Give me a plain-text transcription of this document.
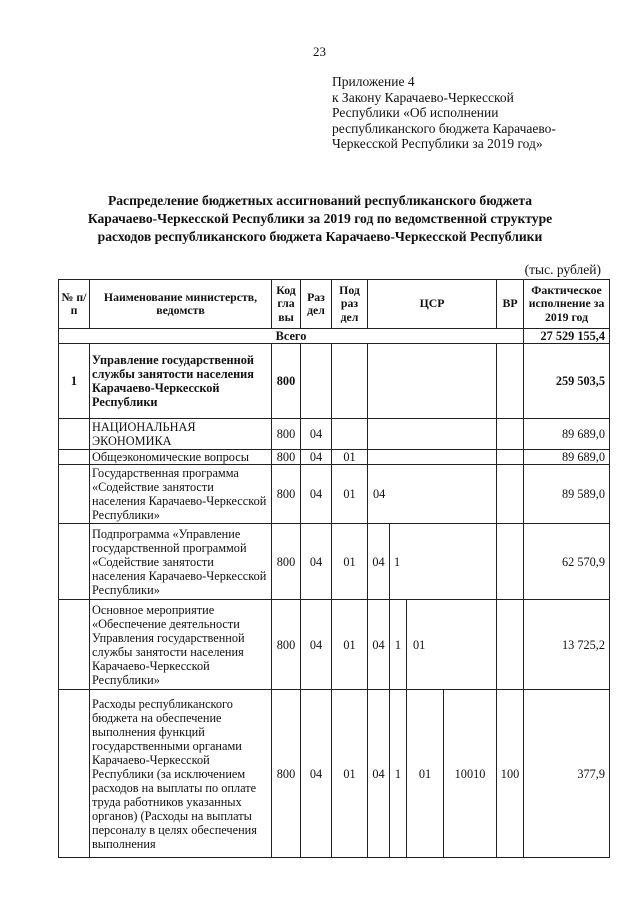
23
Приложение 4
к Закону Карачаево-Черкесской
Республики «Об исполнении
республиканского бюджета Карачаево-
Черкесской Республики за 2019 год»
Распределение бюджетных ассигнований республиканского бюджета
Карачаево-Черкесской Республики за 2019 год по ведомственной структуре
расходов республиканского бюджета Карачаево-Черкесской Республики
(тыс. рублей)
№ п/п	Наименование министерств, ведомств	Код гла вы	Раз дел	Под раз дел	ЦСР				ВР	Фактическое исполнение за 2019 год
Всего										27 529 155,4
1	Управление государственной службы занятости населения Карачаево-Черкесской Республики	800								259 503,5
	НАЦИОНАЛЬНАЯ ЭКОНОМИКА	800	04							89 689,0
	Общеэкономические вопросы	800	04	01						89 689,0
	Государственная программа «Содействие занятости населения Карачаево-Черкесской Республики»	800	04	01	04					89 589,0
	Подпрограмма «Управление государственной программой «Содействие занятости населения Карачаево-Черкесской Республики»	800	04	01	04	1				62 570,9
	Основное мероприятие «Обеспечение деятельности Управления государственной службы занятости населения Карачаево-Черкесской Республики»	800	04	01	04	1	01			13 725,2
	Расходы республиканского бюджета на обеспечение выполнения функций государственными органами Карачаево-Черкесской Республики (за исключением расходов на выплаты по оплате труда работников указанных органов) (Расходы на выплаты персоналу в целях обеспечения выполнения	800	04	01	04	1	01	10010	100	377,9
